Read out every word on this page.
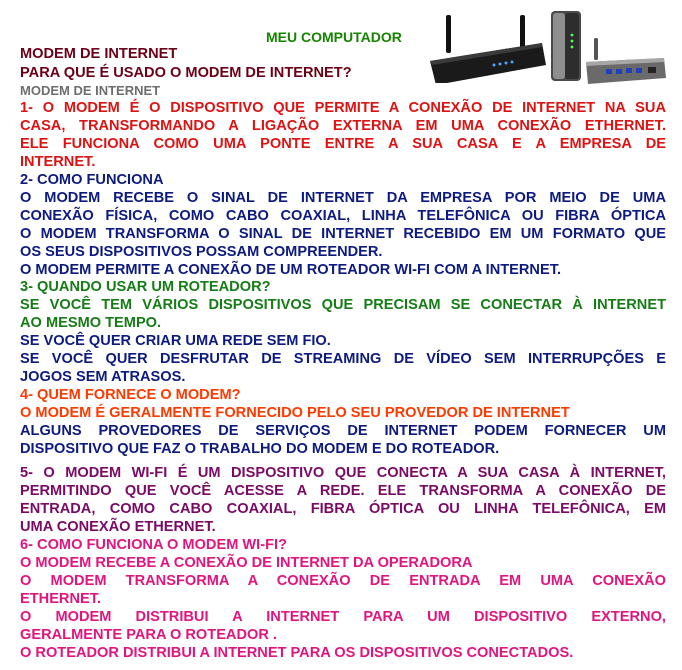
MEU COMPUTADOR
MODEM DE INTERNET
PARA QUE É USADO O MODEM DE INTERNET?
MODEM DE INTERNET
1- O MODEM É O DISPOSITIVO QUE PERMITE A CONEXÃO DE INTERNET NA SUA
CASA, TRANSFORMANDO A LIGAÇÃO EXTERNA EM UMA CONEXÃO ETHERNET.
ELE FUNCIONA COMO UMA PONTE ENTRE A SUA CASA E A EMPRESA DE
INTERNET.
2- COMO FUNCIONA
O MODEM RECEBE O SINAL DE INTERNET DA EMPRESA POR MEIO DE UMA
CONEXÃO FÍSICA, COMO CABO COAXIAL, LINHA TELEFÔNICA OU FIBRA ÓPTICA
O MODEM TRANSFORMA O SINAL DE INTERNET RECEBIDO EM UM FORMATO QUE
OS SEUS DISPOSITIVOS POSSAM COMPREENDER.
O MODEM PERMITE A CONEXÃO DE UM ROTEADOR WI-FI COM A INTERNET.
3- QUANDO USAR UM ROTEADOR?
SE VOCÊ TEM VÁRIOS DISPOSITIVOS QUE PRECISAM SE CONECTAR À INTERNET
AO MESMO TEMPO.
SE VOCÊ QUER CRIAR UMA REDE SEM FIO.
SE VOCÊ QUER DESFRUTAR DE STREAMING DE VÍDEO SEM INTERRUPÇÕES E
JOGOS SEM ATRASOS.
4- QUEM FORNECE O MODEM?
O MODEM É GERALMENTE FORNECIDO PELO SEU PROVEDOR DE INTERNET
ALGUNS PROVEDORES DE SERVIÇOS DE INTERNET PODEM FORNECER UM
DISPOSITIVO QUE FAZ O TRABALHO DO MODEM E DO ROTEADOR.
5- O MODEM WI-FI É UM DISPOSITIVO QUE CONECTA A SUA CASA À INTERNET,
PERMITINDO QUE VOCÊ ACESSE A REDE. ELE TRANSFORMA A CONEXÃO DE
ENTRADA, COMO CABO COAXIAL, FIBRA ÓPTICA OU LINHA TELEFÔNICA, EM
UMA CONEXÃO ETHERNET.
6- COMO FUNCIONA O MODEM WI-FI?
O MODEM RECEBE A CONEXÃO DE INTERNET DA OPERADORA
O MODEM TRANSFORMA A CONEXÃO DE ENTRADA EM UMA CONEXÃO
ETHERNET.
O MODEM DISTRIBUI A INTERNET PARA UM DISPOSITIVO EXTERNO,
GERALMENTE PARA O ROTEADOR .
O ROTEADOR DISTRIBUI A INTERNET PARA OS DISPOSITIVOS CONECTADOS.
